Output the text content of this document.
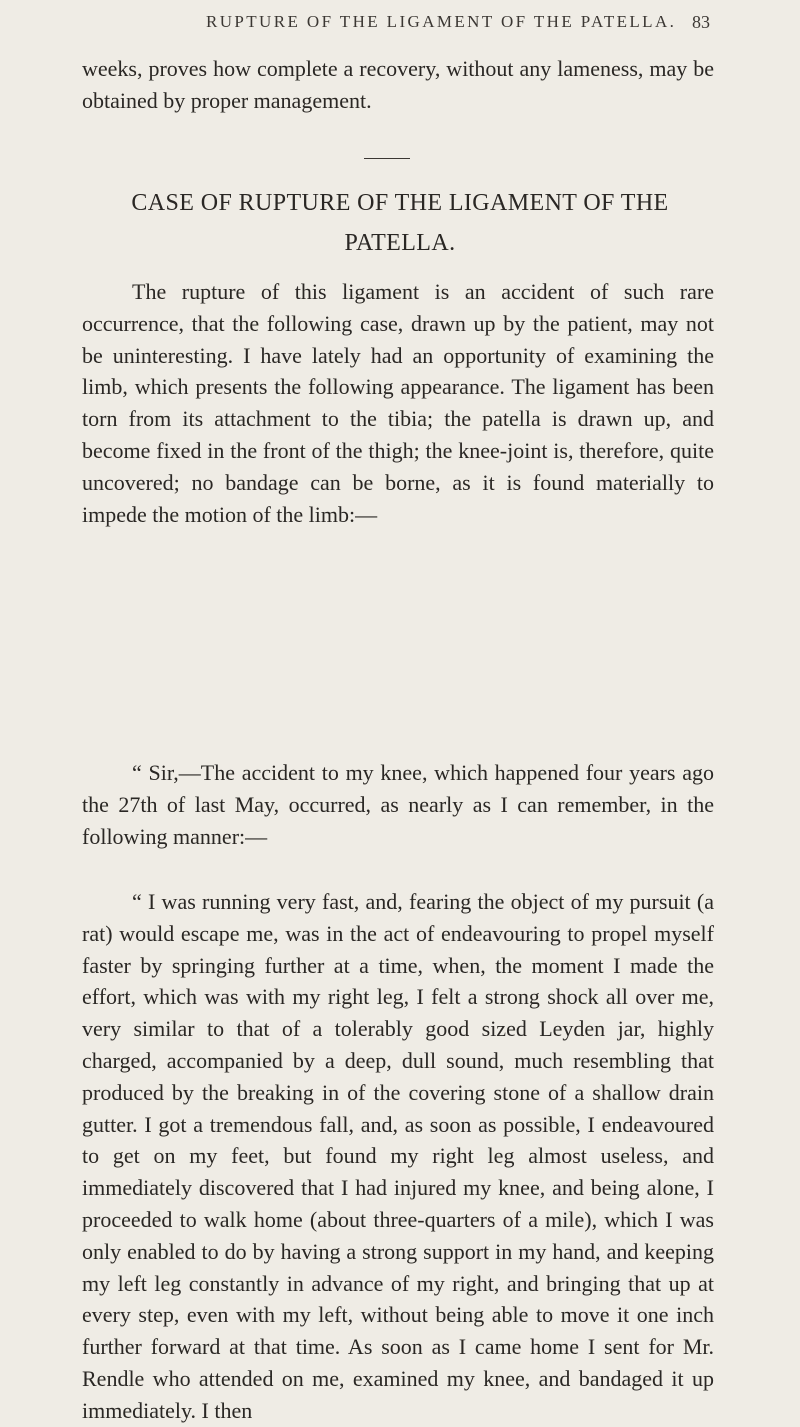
RUPTURE OF THE LIGAMENT OF THE PATELLA. 83

weeks, proves how complete a recovery, without any lameness, may be obtained by proper management.

CASE OF RUPTURE OF THE LIGAMENT OF THE
PATELLA.

The rupture of this ligament is an accident of such rare occurrence, that the following case, drawn up by the patient, may not be uninteresting. I have lately had an opportunity of examining the limb, which presents the following appearance. The ligament has been torn from its attachment to the tibia; the patella is drawn up, and become fixed in the front of the thigh; the knee-joint is, therefore, quite uncovered; no bandage can be borne, as it is found materially to impede the motion of the limb:—

“ Sir,—The accident to my knee, which happened four years ago the 27th of last May, occurred, as nearly as I can remember, in the following manner:—

“ I was running very fast, and, fearing the object of my pursuit (a rat) would escape me, was in the act of endeavouring to propel myself faster by springing further at a time, when, the moment I made the effort, which was with my right leg, I felt a strong shock all over me, very similar to that of a tolerably good sized Leyden jar, highly charged, accompanied by a deep, dull sound, much resembling that produced by the breaking in of the covering stone of a shallow drain gutter. I got a tremendous fall, and, as soon as possible, I endeavoured to get on my feet, but found my right leg almost useless, and immediately discovered that I had injured my knee, and being alone, I proceeded to walk home (about three-quarters of a mile), which I was only enabled to do by having a strong support in my hand, and keeping my left leg constantly in advance of my right, and bringing that up at every step, even with my left, without being able to move it one inch further forward at that time. As soon as I came home I sent for Mr. Rendle who attended on me, examined my knee, and bandaged it up immediately. I then
